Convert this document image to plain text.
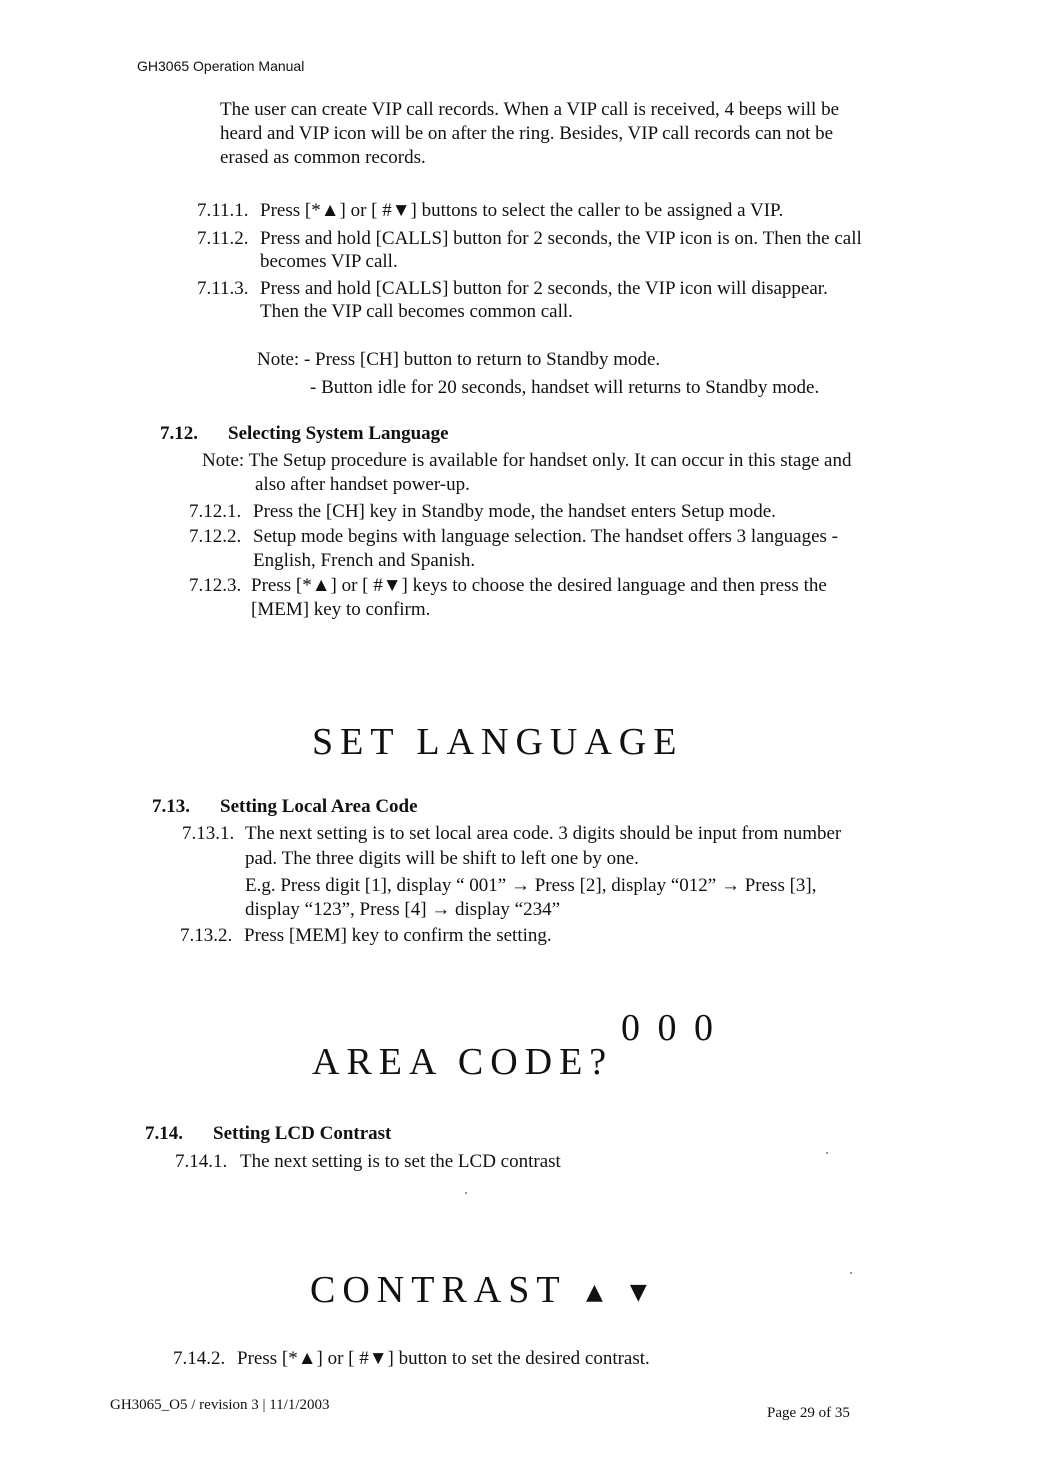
GH3065 Operation Manual
The user can create VIP call records. When a VIP call is received, 4 beeps will be
heard and VIP icon will be on after the ring. Besides, VIP call records can not be
erased as common records.
7.11.1. Press [*▲] or [ #▼] buttons to select the caller to be assigned a VIP.
7.11.2. Press and hold [CALLS] button for 2 seconds, the VIP icon is on. Then the call
becomes VIP call.
7.11.3. Press and hold [CALLS] button for 2 seconds, the VIP icon will disappear.
Then the VIP call becomes common call.
Note: - Press [CH] button to return to Standby mode.
- Button idle for 20 seconds, handset will returns to Standby mode.
7.12. Selecting System Language
Note: The Setup procedure is available for handset only. It can occur in this stage and
also after handset power-up.
7.12.1. Press the [CH] key in Standby mode, the handset enters Setup mode.
7.12.2. Setup mode begins with language selection. The handset offers 3 languages -
English, French and Spanish.
7.12.3. Press [*▲] or [ #▼] keys to choose the desired language and then press the
[MEM] key to confirm.
SET LANGUAGE
7.13. Setting Local Area Code
7.13.1. The next setting is to set local area code. 3 digits should be input from number
pad. The three digits will be shift to left one by one.
E.g. Press digit [1], display “ 001” → Press [2], display “012” → Press [3],
display “123”, Press [4] → display “234”
7.13.2. Press [MEM] key to confirm the setting.
0 0 0
AREA CODE?
7.14. Setting LCD Contrast
7.14.1. The next setting is to set the LCD contrast
CONTRAST ▲ ▼
7.14.2. Press [*▲] or [ #▼] button to set the desired contrast.
GH3065_O5 / revision 3 | 11/1/2003	Page 29 of 35
